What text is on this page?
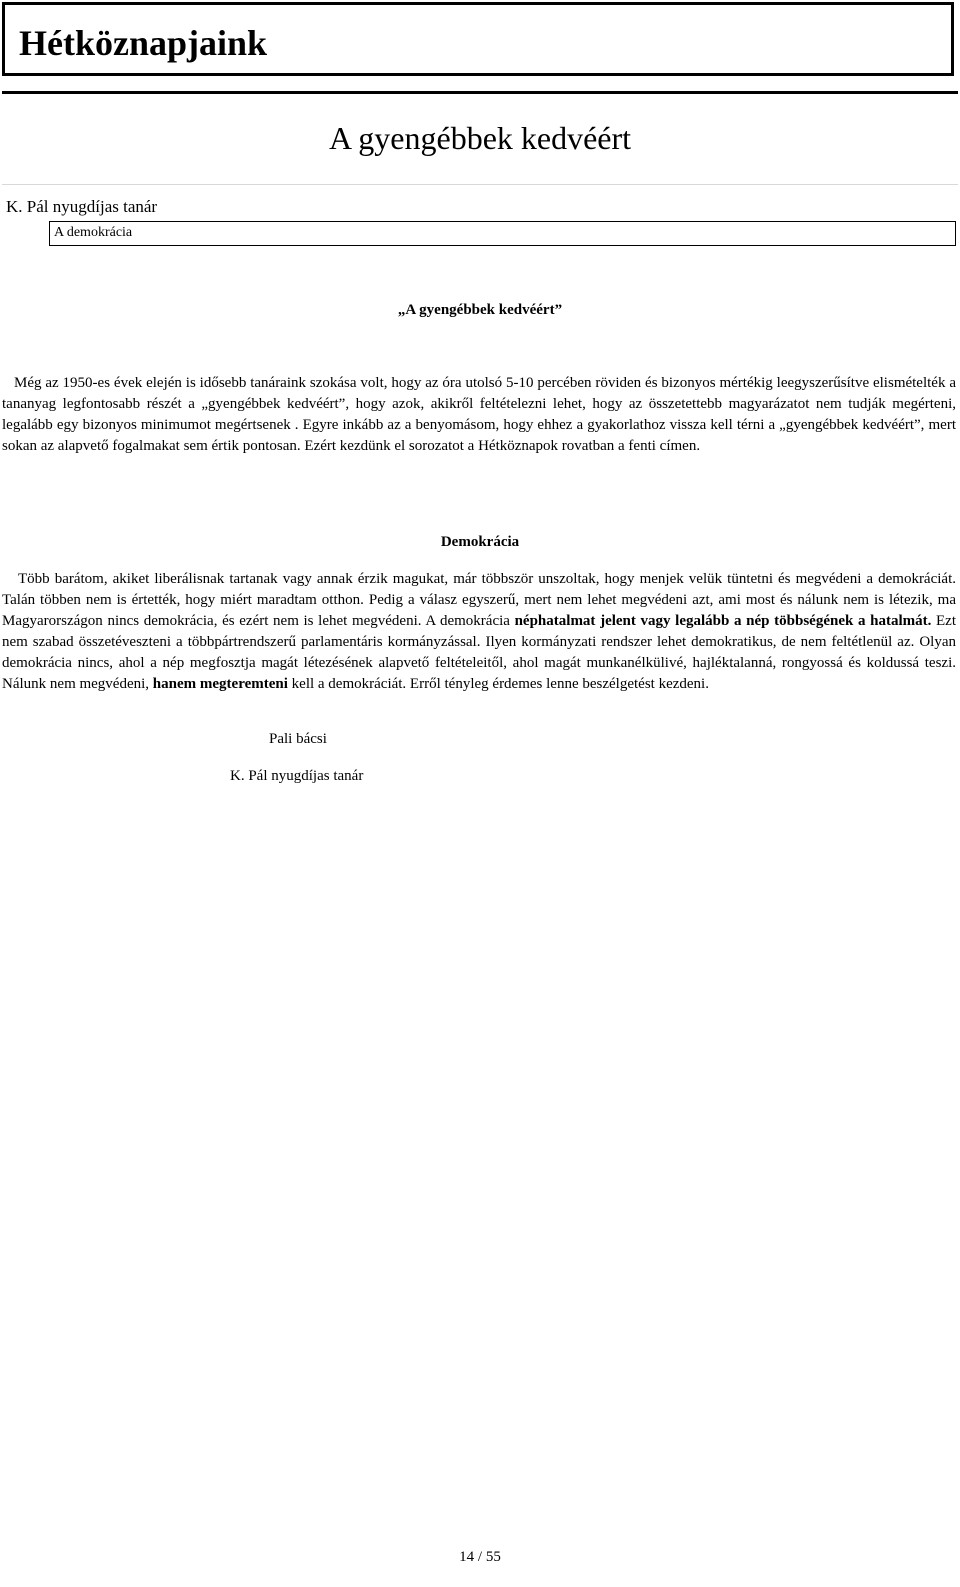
Hétköznapjaink
A gyengébbek kedvéért
K. Pál nyugdíjas tanár
A demokrácia
„A gyengébbek kedvéért”

Még az 1950-es évek elején is idősebb tanáraink szokása volt, hogy az óra utolsó 5-10 percében röviden és bizonyos mértékig leegyszerűsítve elismételték a tananyag legfontosabb részét a „gyengébbek kedvéért”, hogy azok, akikről feltételezni lehet, hogy az összetettebb magyarázatot nem tudják megérteni, legalább egy bizonyos minimumot megértsenek . Egyre inkább az a benyomásom, hogy ehhez a gyakorlathoz vissza kell térni a „gyengébbek kedvéért”, mert sokan az alapvető fogalmakat sem értik pontosan. Ezért kezdünk el sorozatot a Hétköznapok rovatban a fenti címen.

Demokrácia

Több barátom, akiket liberálisnak tartanak vagy annak érzik magukat, már többször unszoltak, hogy menjek velük tüntetni és megvédeni a demokráciát. Talán többen nem is értették, hogy miért maradtam otthon. Pedig a válasz egyszerű, mert nem lehet megvédeni azt, ami most és nálunk nem is létezik, ma Magyarországon nincs demokrácia, és ezért nem is lehet megvédeni. A demokrácia néphatalmat jelent vagy legalább a nép többségének a hatalmát. Ezt nem szabad összetéveszteni a többpártrendszerű parlamentáris kormányzással. Ilyen kormányzati rendszer lehet demokratikus, de nem feltétlenül az. Olyan demokrácia nincs, ahol a nép megfosztja magát létezésének alapvető feltételeitől, ahol magát munkanélkülivé, hajléktalanná, rongyossá és koldussá teszi. Nálunk nem megvédeni, hanem megteremteni kell a demokráciát. Erről tényleg érdemes lenne beszélgetést kezdeni.

Pali bácsi
K. Pál nyugdíjas tanár
14 / 55
